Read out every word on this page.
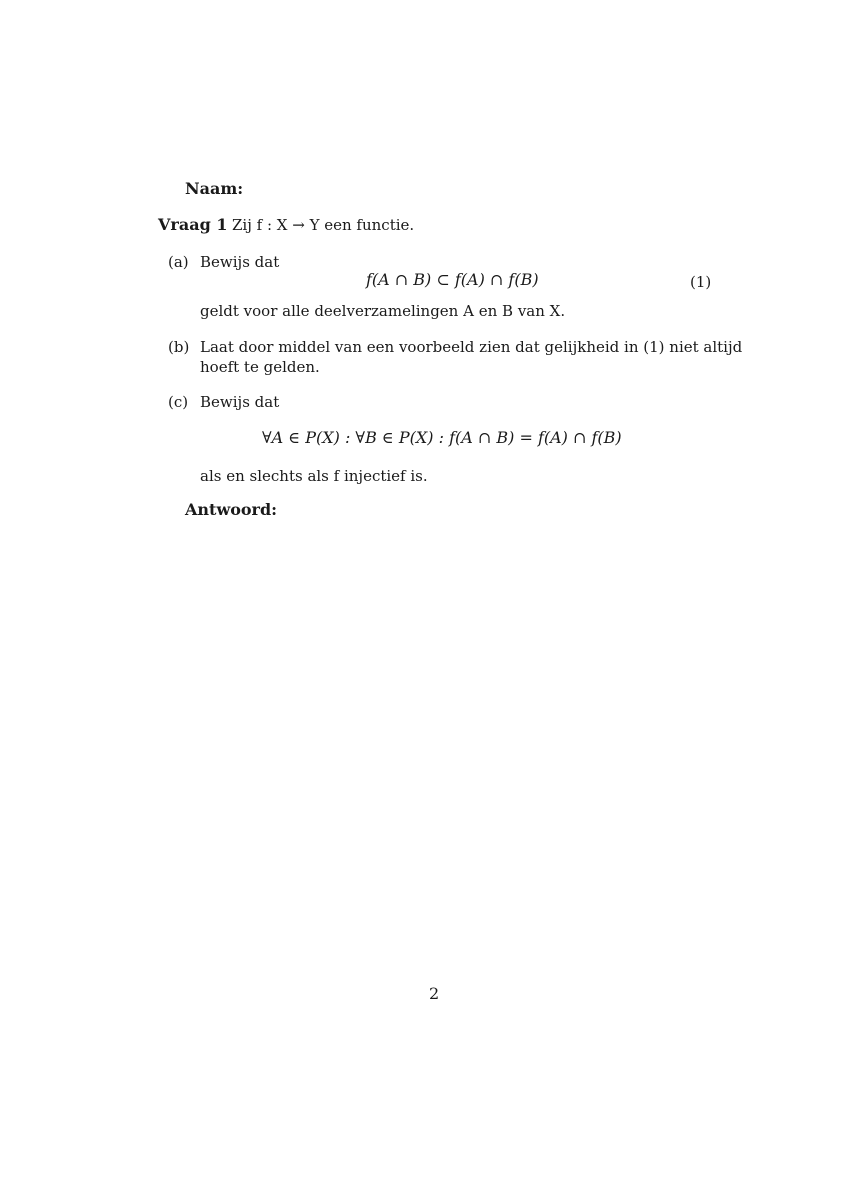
Naam:
Vraag 1 Zij f : X → Y een functie.
(a) Bewijs dat
f(A ∩ B) ⊂ f(A) ∩ f(B)	(1)
geldt voor alle deelverzamelingen A en B van X.
(b) Laat door middel van een voorbeeld zien dat gelijkheid in (1) niet altijd
hoeft te gelden.
(c) Bewijs dat
∀A ∈ P(X) : ∀B ∈ P(X) : f(A ∩ B) = f(A) ∩ f(B)
als en slechts als f injectief is.
Antwoord:
2
